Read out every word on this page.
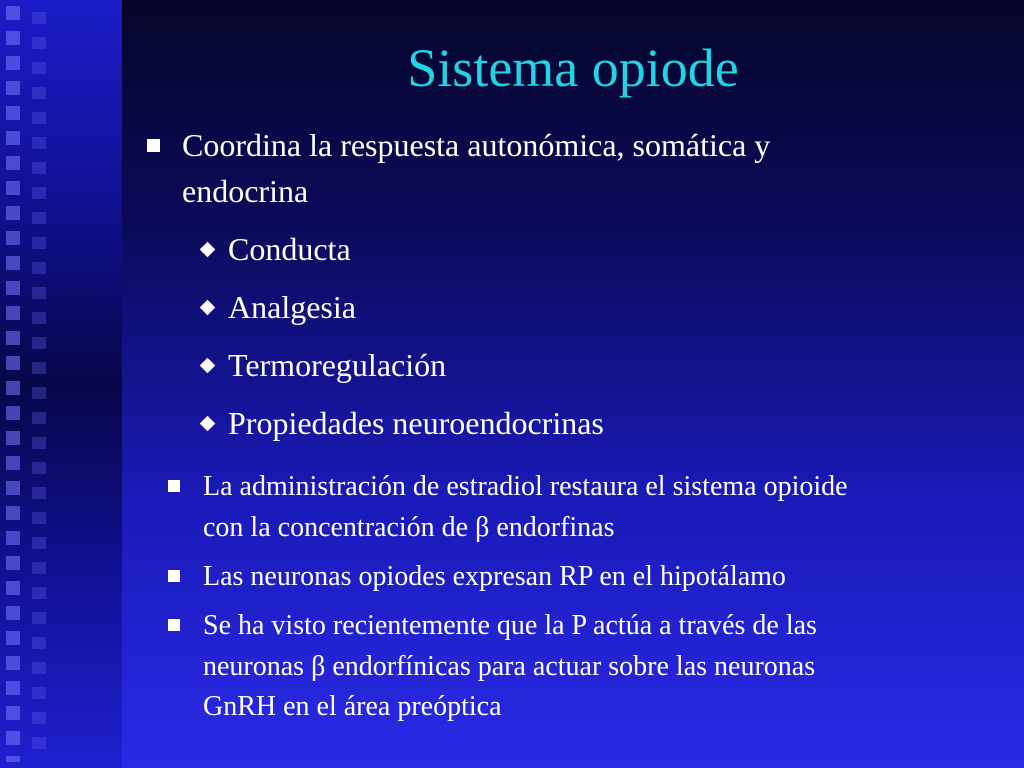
Sistema opiode
Coordina la respuesta autonómica, somática y
endocrina
Conducta
Analgesia
Termoregulación
Propiedades neuroendocrinas
La administración de estradiol restaura el sistema opioide
con la concentración de β endorfinas
Las neuronas opiodes expresan RP en el hipotálamo
Se ha visto recientemente que la P actúa a través de las
neuronas β endorfínicas para actuar sobre las neuronas
GnRH en el área preóptica
